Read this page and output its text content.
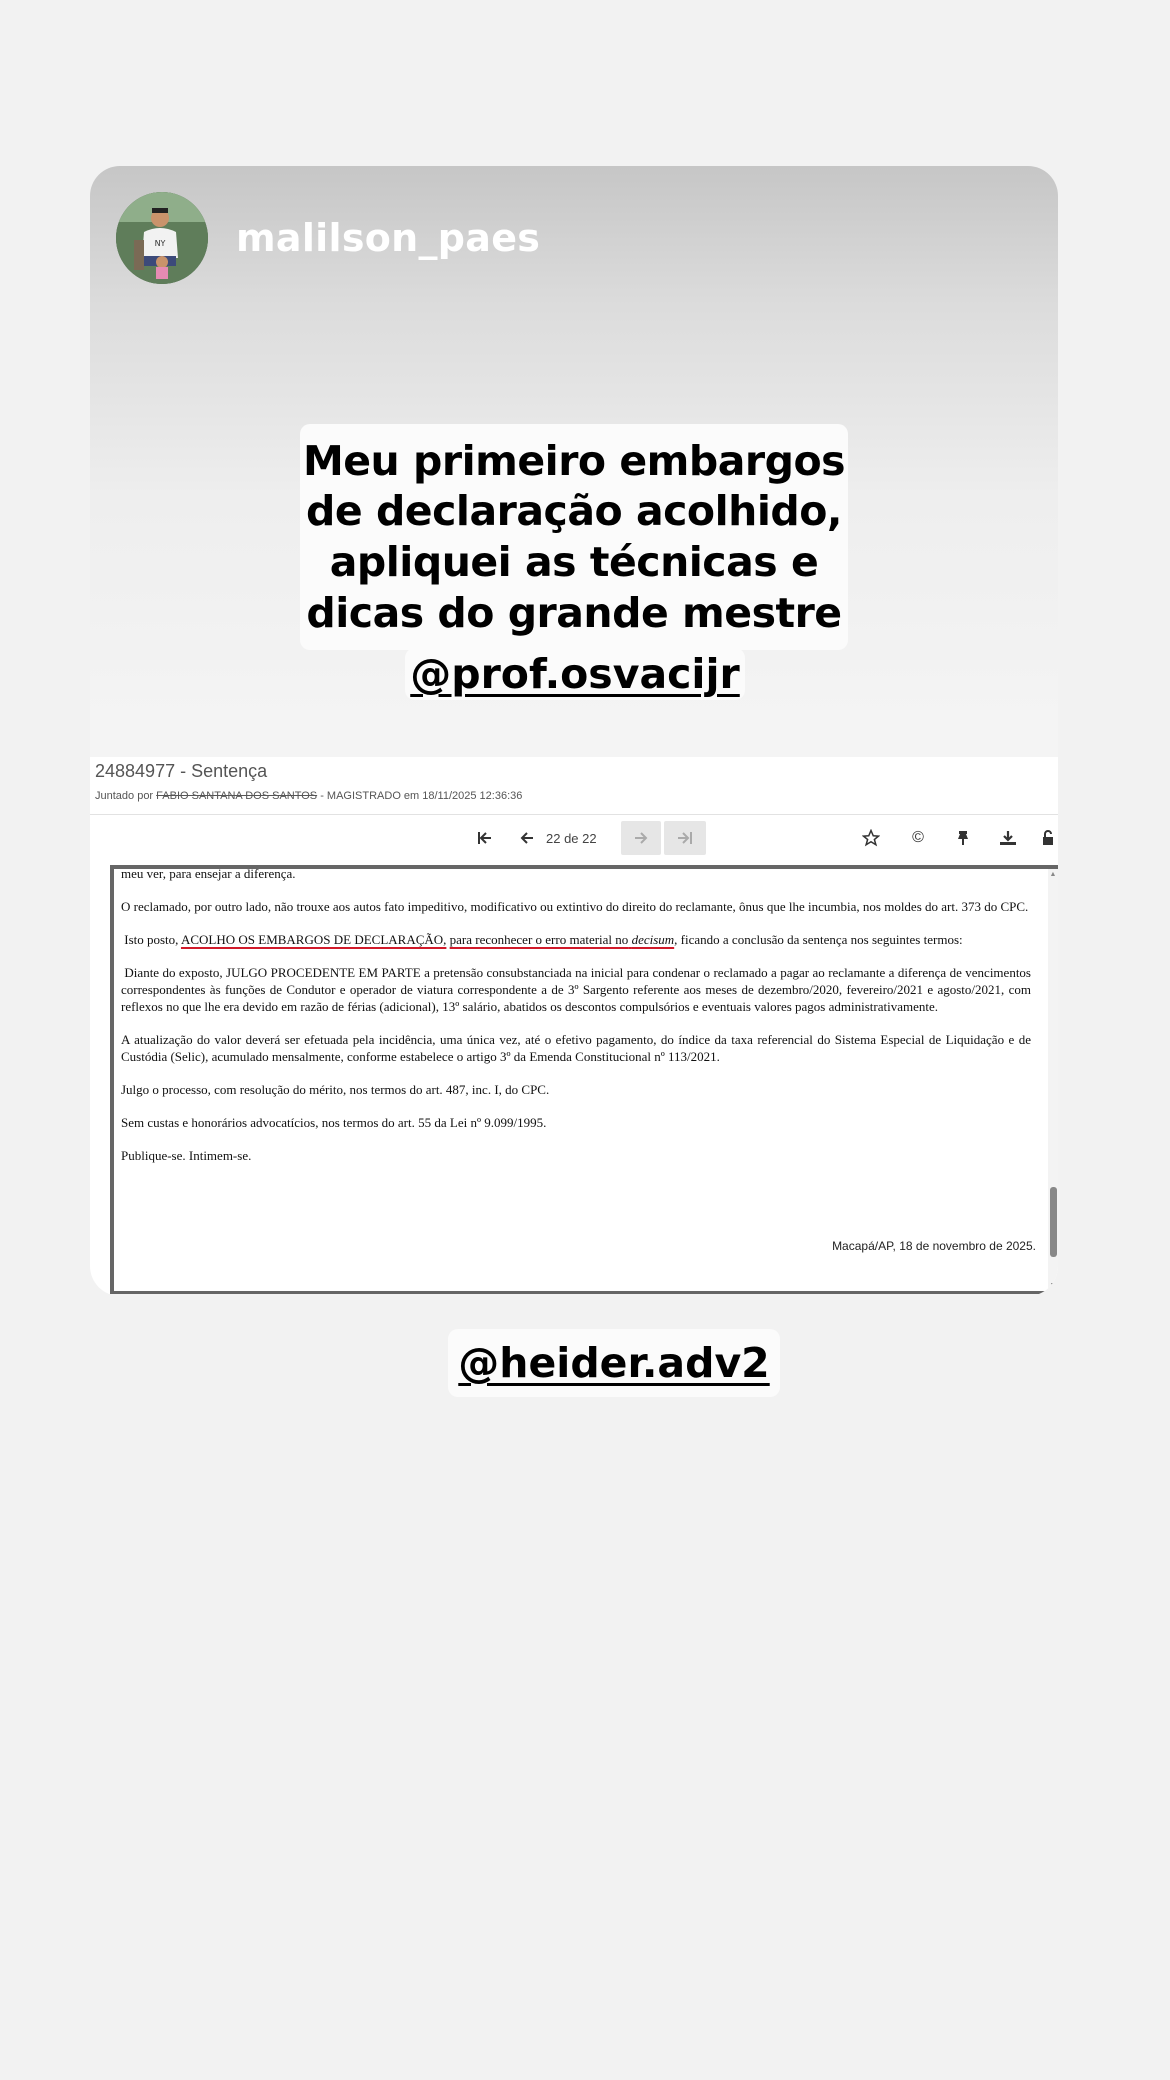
NY malilson_paes
Meu primeiro embargos
de declaração acolhido,
apliquei as técnicas e
dicas do grande mestre
@prof.osvacijr
24884977 - Sentença
Juntado por FABIO SANTANA DOS SANTOS - MAGISTRADO em 18/11/2025 12:36:36
22 de 22	©

meu ver, para ensejar a diferença.

O reclamado, por outro lado, não trouxe aos autos fato impeditivo, modificativo ou extintivo do direito do reclamante, ônus que lhe incumbia, nos moldes do art. 373 do CPC.

Isto posto, ACOLHO OS EMBARGOS DE DECLARAÇÃO, para reconhecer o erro material no decisum, ficando a conclusão da sentença nos seguintes termos:

Diante do exposto, JULGO PROCEDENTE EM PARTE a pretensão consubstanciada na inicial para condenar o reclamado a pagar ao reclamante a diferença de vencimentos correspondentes às funções de Condutor e operador de viatura correspondente a de 3º Sargento referente aos meses de dezembro/2020, fevereiro/2021 e agosto/2021, com reflexos no que lhe era devido em razão de férias (adicional), 13º salário, abatidos os descontos compulsórios e eventuais valores pagos administrativamente.

A atualização do valor deverá ser efetuada pela incidência, uma única vez, até o efetivo pagamento, do índice da taxa referencial do Sistema Especial de Liquidação e de Custódia (Selic), acumulado mensalmente, conforme estabelece o artigo 3º da Emenda Constitucional nº 113/2021.

Julgo o processo, com resolução do mérito, nos termos do art. 487, inc. I, do CPC.

Sem custas e honorários advocatícios, nos termos do art. 55 da Lei nº 9.099/1995.

Publique-se. Intimem-se.

Macapá/AP, 18 de novembro de 2025.
▲
▼
@heider.adv2
